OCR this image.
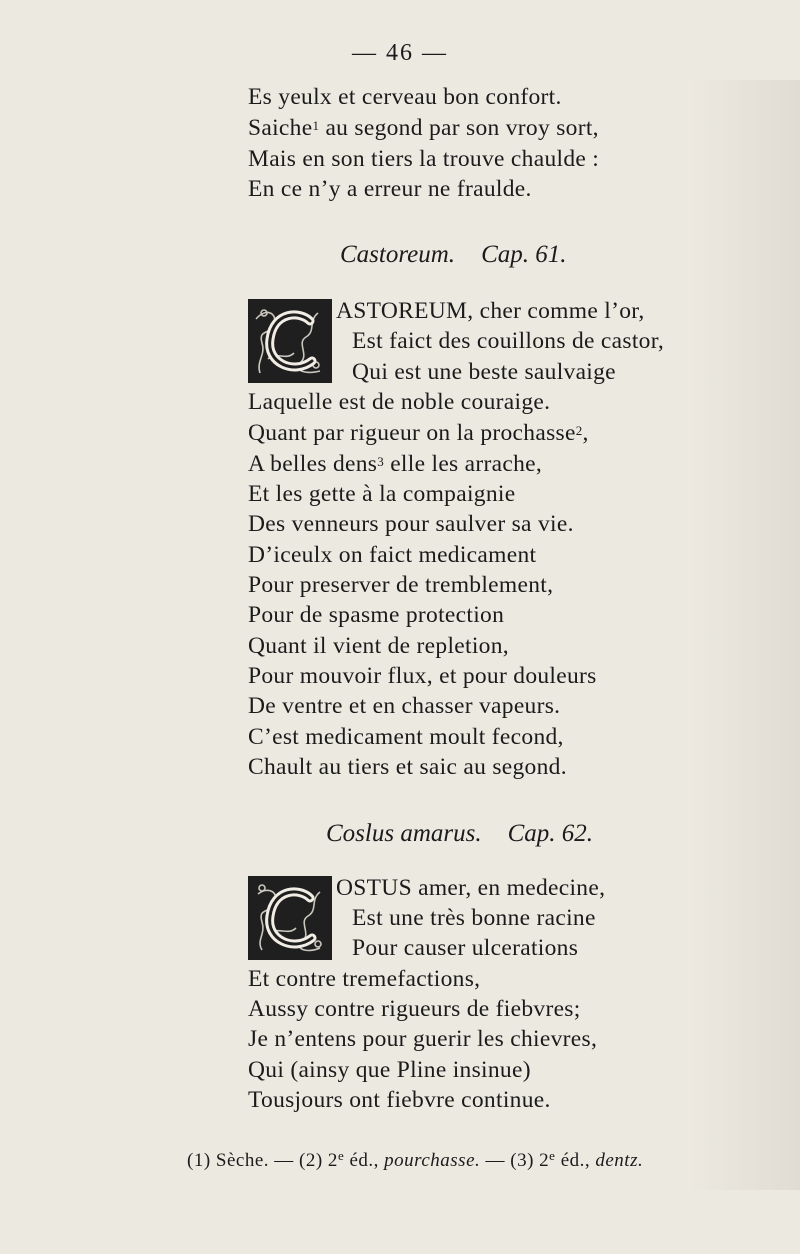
— 46 —
Es yeulx et cerveau bon confort.
Saiche$^1$ au segond par son vroy sort,
Mais en son tiers la trouve chaulde :
En ce n’y a erreur ne fraulde.
Castoreum. Cap. 61.
ASTOREUM, cher comme l’or,
Est faict des couillons de castor,
Qui est une beste saulvaige
Laquelle est de noble couraige.
Quant par rigueur on la prochasse$^2$,
A belles dens$^3$ elle les arrache,
Et les gette à la compaignie
Des venneurs pour saulver sa vie.
D’iceulx on faict medicament
Pour preserver de tremblement,
Pour de spasme protection
Quant il vient de repletion,
Pour mouvoir flux, et pour douleurs
De ventre et en chasser vapeurs.
C’est medicament moult fecond,
Chault au tiers et saic au segond.
Coslus amarus. Cap. 62.
OSTUS amer, en medecine,
Est une très bonne racine
Pour causer ulcerations
Et contre tremefactions,
Aussy contre rigueurs de fiebvres;
Je n’entens pour guerir les chievres,
Qui (ainsy que Pline insinue)
Tousjours ont fiebvre continue.
(1) Sèche. — (2) 2e éd., pourchasse. — (3) 2e éd., dentz.
